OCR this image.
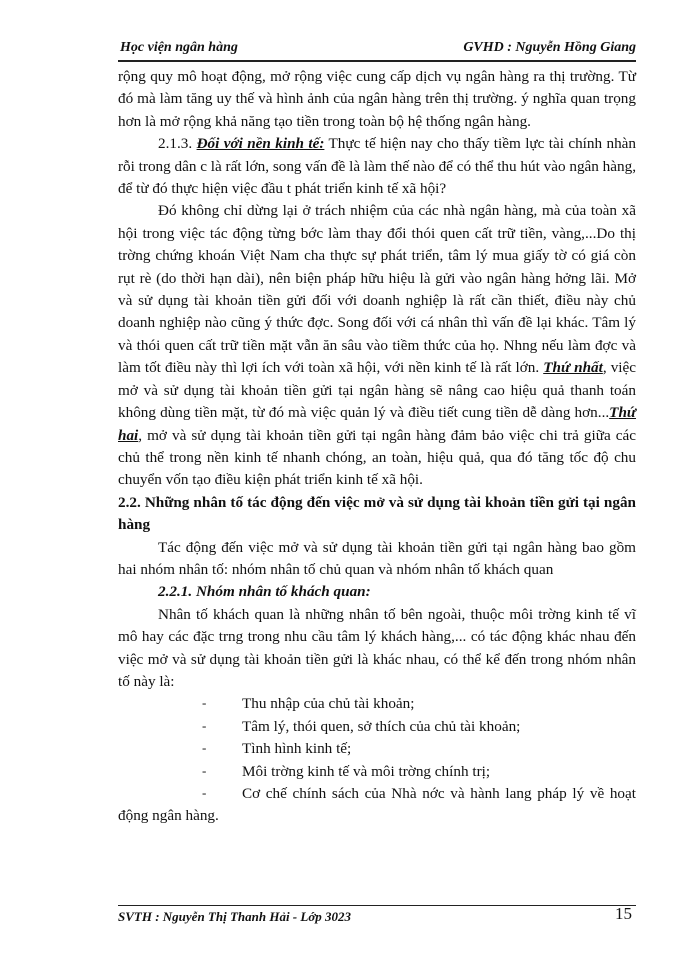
Học viện ngân hàng	GVHD : Nguyễn Hồng Giang

rộng quy mô hoạt động, mở rộng việc cung cấp dịch vụ ngân hàng ra thị trường. Từ đó mà làm tăng uy thế và hình ảnh của ngân hàng trên thị trường. ý nghĩa quan trọng hơn là mở rộng khả năng tạo tiền trong toàn bộ hệ thống ngân hàng.

2.1.3. Đối với nền kinh tế: Thực tế hiện nay cho thấy tiềm lực tài chính nhàn rỗi trong dân c là rất lớn, song vấn đề là làm thế nào để có thể thu hút vào ngân hàng, để từ đó thực hiện việc đầu t phát triển kinh tế xã hội?

Đó không chỉ dừng lại ở trách nhiệm của các nhà ngân hàng, mà của toàn xã hội trong việc tác động từng bớc làm thay đổi thói quen cất trữ tiền, vàng,...Do thị trờng chứng khoán Việt Nam cha thực sự phát triển, tâm lý mua giấy tờ có giá còn rụt rè (do thời hạn dài), nên biện pháp hữu hiệu là gửi vào ngân hàng hởng lãi. Mở và sử dụng tài khoản tiền gửi đối với doanh nghiệp là rất cần thiết, điều này chủ doanh nghiệp nào cũng ý thức đợc. Song đối với cá nhân thì vấn đề lại khác. Tâm lý và thói quen cất trữ tiền mặt vẫn ăn sâu vào tiềm thức của họ. Nhng nếu làm đợc và làm tốt điều này thì lợi ích với toàn xã hội, với nền kinh tế là rất lớn. Thứ nhất, việc mở và sử dụng tài khoản tiền gửi tại ngân hàng sẽ nâng cao hiệu quả thanh toán không dùng tiền mặt, từ đó mà việc quản lý và điều tiết cung tiền dễ dàng hơn...Thứ hai, mở và sử dụng tài khoản tiền gửi tại ngân hàng đảm bảo việc chi trả giữa các chủ thể trong nền kinh tế nhanh chóng, an toàn, hiệu quả, qua đó tăng tốc độ chu chuyển vốn tạo điều kiện phát triển kinh tế xã hội.

2.2. Những nhân tố tác động đến việc mở và sử dụng tài khoản tiền gửi tại ngân hàng

Tác động đến việc mở và sử dụng tài khoản tiền gửi tại ngân hàng bao gồm hai nhóm nhân tố: nhóm nhân tố chủ quan và nhóm nhân tố khách quan

2.2.1. Nhóm nhân tố khách quan:

Nhân tố khách quan là những nhân tố bên ngoài, thuộc môi trờng kinh tế vĩ mô hay các đặc trng trong nhu cầu tâm lý khách hàng,... có tác động khác nhau đến việc mở và sử dụng tài khoản tiền gửi là khác nhau, có thể kể đến trong nhóm nhân tố này là:

- Thu nhập của chủ tài khoản;

- Tâm lý, thói quen, sở thích của chủ tài khoản;

- Tình hình kinh tế;

- Môi trờng kinh tế và môi trờng chính trị;

- Cơ chế chính sách của Nhà nớc và hành lang pháp lý về hoạt động ngân hàng.

SVTH : Nguyễn Thị Thanh Hải - Lớp 3023	15
